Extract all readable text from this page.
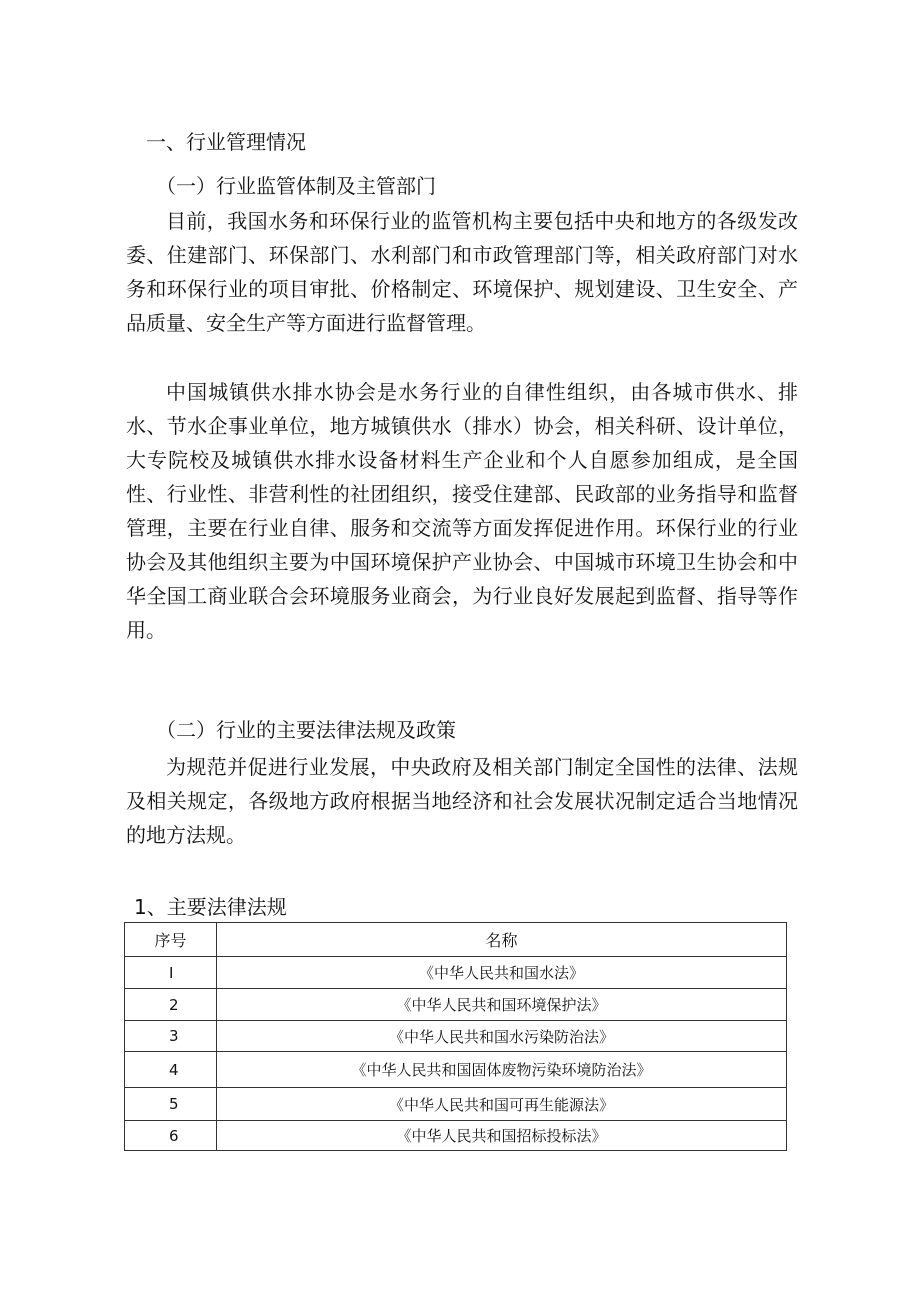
一、行业管理情况
（一）行业监管体制及主管部门

目前，我国水务和环保行业的监管机构主要包括中央和地方的各级发改委、住建部门、环保部门、水利部门和市政管理部门等，相关政府部门对水务和环保行业的项目审批、价格制定、环境保护、规划建设、卫生安全、产品质量、安全生产等方面进行监督管理。

中国城镇供水排水协会是水务行业的自律性组织，由各城市供水、排水、节水企事业单位，地方城镇供水（排水）协会，相关科研、设计单位，大专院校及城镇供水排水设备材料生产企业和个人自愿参加组成，是全国性、行业性、非营利性的社团组织，接受住建部、民政部的业务指导和监督管理，主要在行业自律、服务和交流等方面发挥促进作用。环保行业的行业协会及其他组织主要为中国环境保护产业协会、中国城市环境卫生协会和中华全国工商业联合会环境服务业商会，为行业良好发展起到监督、指导等作用。

（二）行业的主要法律法规及政策

为规范并促进行业发展，中央政府及相关部门制定全国性的法律、法规及相关规定，各级地方政府根据当地经济和社会发展状况制定适合当地情况的地方法规。

1、主要法律法规
序号	名称
I	《中华人民共和国水法》
2	《中华人民共和国环境保护法》
3	《中华人民共和国水污染防治法》
4	《中华人民共和国固体废物污染环境防治法》
5	《中华人民共和国可再生能源法》
6	《中华人民共和国招标投标法》
